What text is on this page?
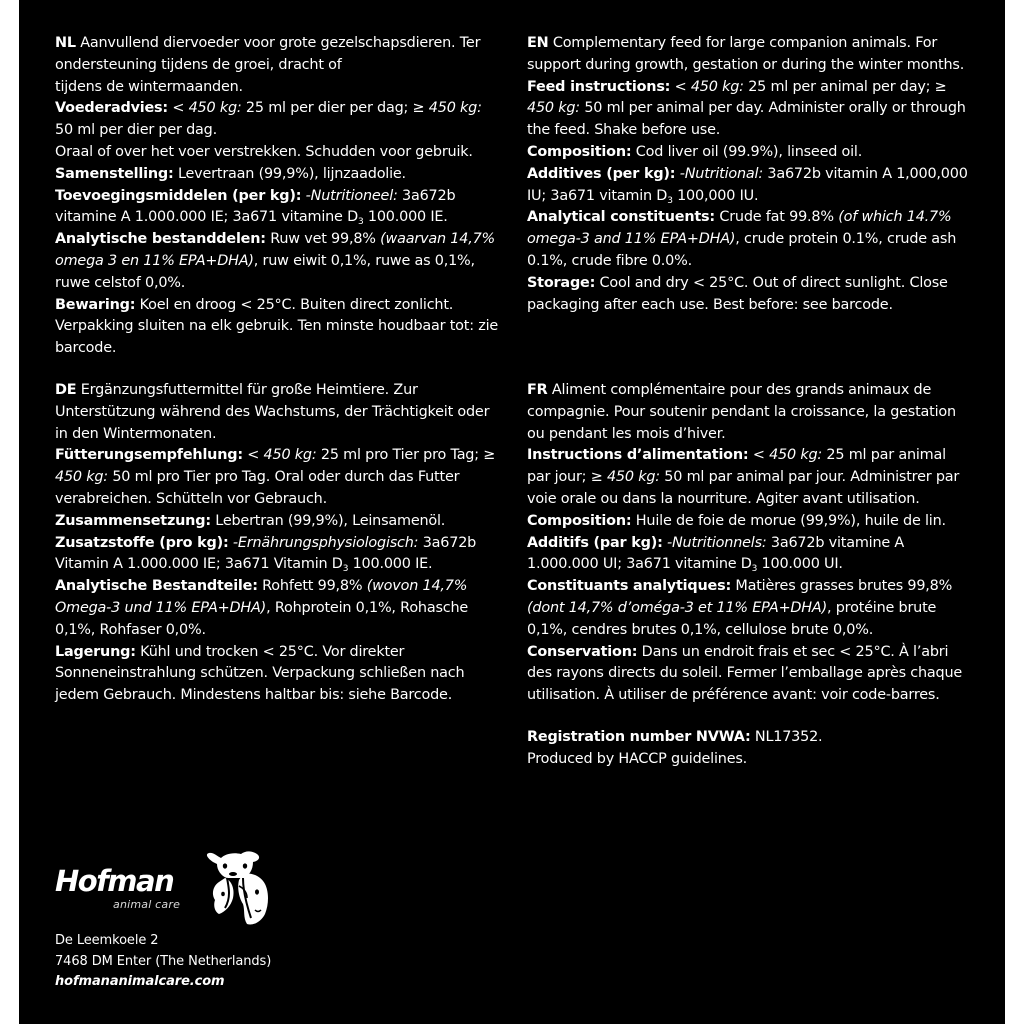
NL Aanvullend diervoeder voor grote gezelschapsdieren. Ter ondersteuning tijdens de groei, dracht of
tijdens de wintermaanden.

Voederadvies: < 450 kg: 25 ml per dier per dag; ≥ 450 kg: 50 ml per dier per dag.
Oraal of over het voer verstrekken. Schudden voor gebruik.

Samenstelling: Levertraan (99,9%), lijnzaadolie.

Toevoegingsmiddelen (per kg): -Nutritioneel: 3a672b vitamine A 1.000.000 IE; 3a671 vitamine $D_3$ 100.000 IE.

Analytische bestanddelen: Ruw vet 99,8% (waarvan 14,7% omega 3 en 11% EPA+DHA), ruw eiwit 0,1%, ruwe as 0,1%, ruwe celstof 0,0%.

Bewaring: Koel en droog < 25°C. Buiten direct zonlicht. Verpakking sluiten na elk gebruik. Ten minste houdbaar tot: zie barcode.

EN Complementary feed for large companion animals. For support during growth, gestation or during the winter months.

Feed instructions: < 450 kg: 25 ml per animal per day; ≥ 450 kg: 50 ml per animal per day. Administer orally or through the feed. Shake before use.

Composition: Cod liver oil (99.9%), linseed oil.

Additives (per kg): -Nutritional: 3a672b vitamin A 1,000,000 IU; 3a671 vitamin $D_3$ 100,000 IU.

Analytical constituents: Crude fat 99.8% (of which 14.7% omega-3 and 11% EPA+DHA), crude protein 0.1%, crude ash 0.1%, crude fibre 0.0%.

Storage: Cool and dry < 25°C. Out of direct sunlight. Close packaging after each use. Best before: see barcode.

DE Ergänzungsfuttermittel für große Heimtiere. Zur Unterstützung während des Wachstums, der Trächtigkeit oder in den Wintermonaten.

Fütterungsempfehlung: < 450 kg: 25 ml pro Tier pro Tag; ≥ 450 kg: 50 ml pro Tier pro Tag. Oral oder durch das Futter verabreichen. Schütteln vor Gebrauch.

Zusammensetzung: Lebertran (99,9%), Leinsamenöl.

Zusatzstoffe (pro kg): -Ernährungsphysiologisch: 3a672b Vitamin A 1.000.000 IE; 3a671 Vitamin $D_3$ 100.000 IE.

Analytische Bestandteile: Rohfett 99,8% (wovon 14,7% Omega-3 und 11% EPA+DHA), Rohprotein 0,1%, Rohasche 0,1%, Rohfaser 0,0%.

Lagerung: Kühl und trocken < 25°C. Vor direkter Sonneneinstrahlung schützen. Verpackung schließen nach jedem Gebrauch. Mindestens haltbar bis: siehe Barcode.

FR Aliment complémentaire pour des grands animaux de compagnie. Pour soutenir pendant la croissance, la gestation ou pendant les mois d’hiver.

Instructions d’alimentation: < 450 kg: 25 ml par animal par jour; ≥ 450 kg: 50 ml par animal par jour. Administrer par voie orale ou dans la nourriture. Agiter avant utilisation.

Composition: Huile de foie de morue (99,9%), huile de lin.

Additifs (par kg): -Nutritionnels: 3a672b vitamine A 1.000.000 UI; 3a671 vitamine $D_3$ 100.000 UI.

Constituants analytiques: Matières grasses brutes 99,8% (dont 14,7% d’oméga-3 et 11% EPA+DHA), protéine brute 0,1%, cendres brutes 0,1%, cellulose brute 0,0%.

Conservation: Dans un endroit frais et sec < 25°C. À l’abri des rayons directs du soleil. Fermer l’emballage après chaque utilisation. À utiliser de préférence avant: voir code-barres.

Registration number NVWA: NL17352.

Produced by HACCP guidelines.

Hofman
animal care
De Leemkoele 2
7468 DM Enter (The Netherlands)
hofmananimalcare.com
